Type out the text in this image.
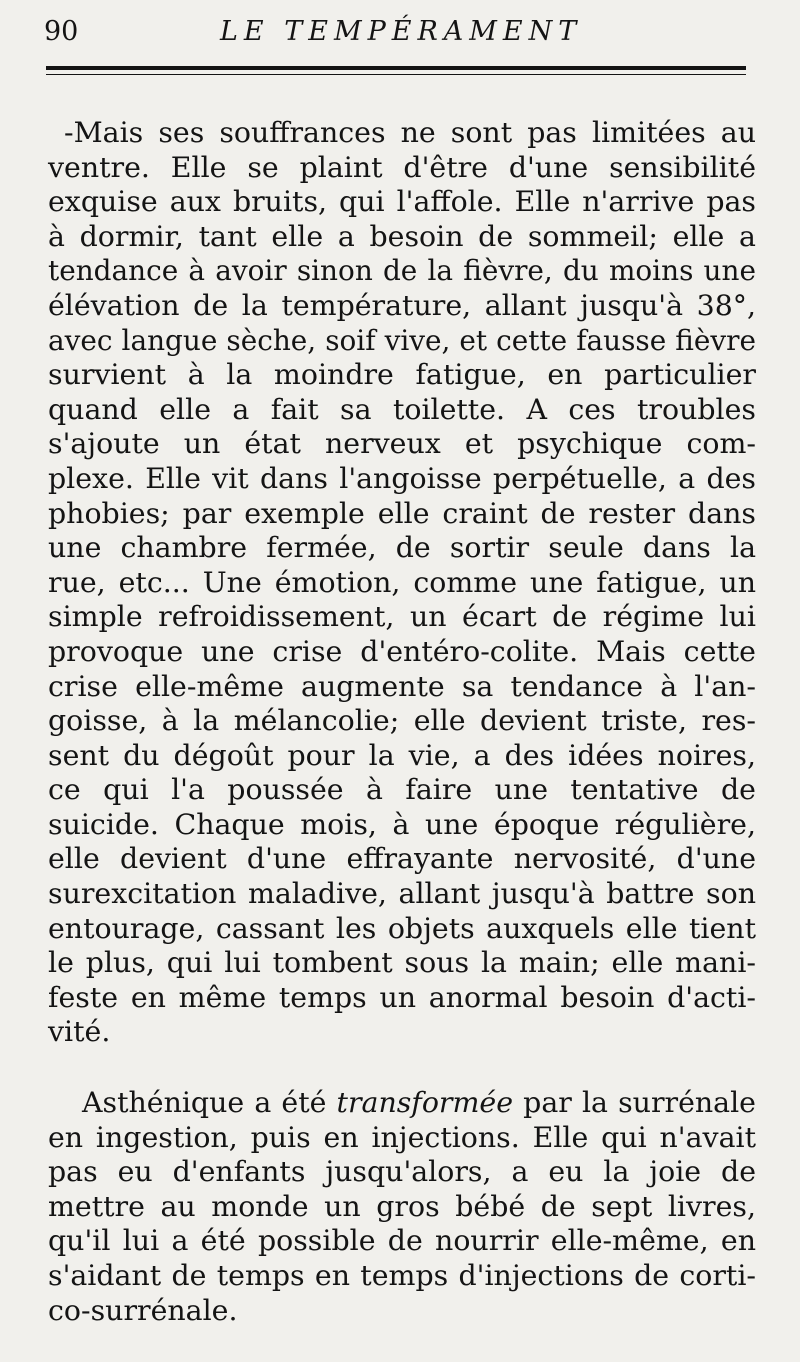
90	LE TEMPÉRAMENT
-Mais ses souffrances ne sont pas limitées au
ventre. Elle se plaint d'être d'une sensibilité
exquise aux bruits, qui l'affole. Elle n'arrive pas
à dormir, tant elle a besoin de sommeil; elle a
tendance à avoir sinon de la fièvre, du moins une
élévation de la température, allant jusqu'à 38°,
avec langue sèche, soif vive, et cette fausse fièvre
survient à la moindre fatigue, en particulier
quand elle a fait sa toilette. A ces troubles
s'ajoute un état nerveux et psychique com-
plexe. Elle vit dans l'angoisse perpétuelle, a des
phobies; par exemple elle craint de rester dans
une chambre fermée, de sortir seule dans la
rue, etc... Une émotion, comme une fatigue, un
simple refroidissement, un écart de régime lui
provoque une crise d'entéro-colite. Mais cette
crise elle-même augmente sa tendance à l'an-
goisse, à la mélancolie; elle devient triste, res-
sent du dégoût pour la vie, a des idées noires,
ce qui l'a poussée à faire une tentative de
suicide. Chaque mois, à une époque régulière,
elle devient d'une effrayante nervosité, d'une
surexcitation maladive, allant jusqu'à battre son
entourage, cassant les objets auxquels elle tient
le plus, qui lui tombent sous la main; elle mani-
feste en même temps un anormal besoin d'acti-
vité.
Asthénique a été transformée par la surrénale
en ingestion, puis en injections. Elle qui n'avait
pas eu d'enfants jusqu'alors, a eu la joie de
mettre au monde un gros bébé de sept livres,
qu'il lui a été possible de nourrir elle-même, en
s'aidant de temps en temps d'injections de corti-
co-surrénale.
